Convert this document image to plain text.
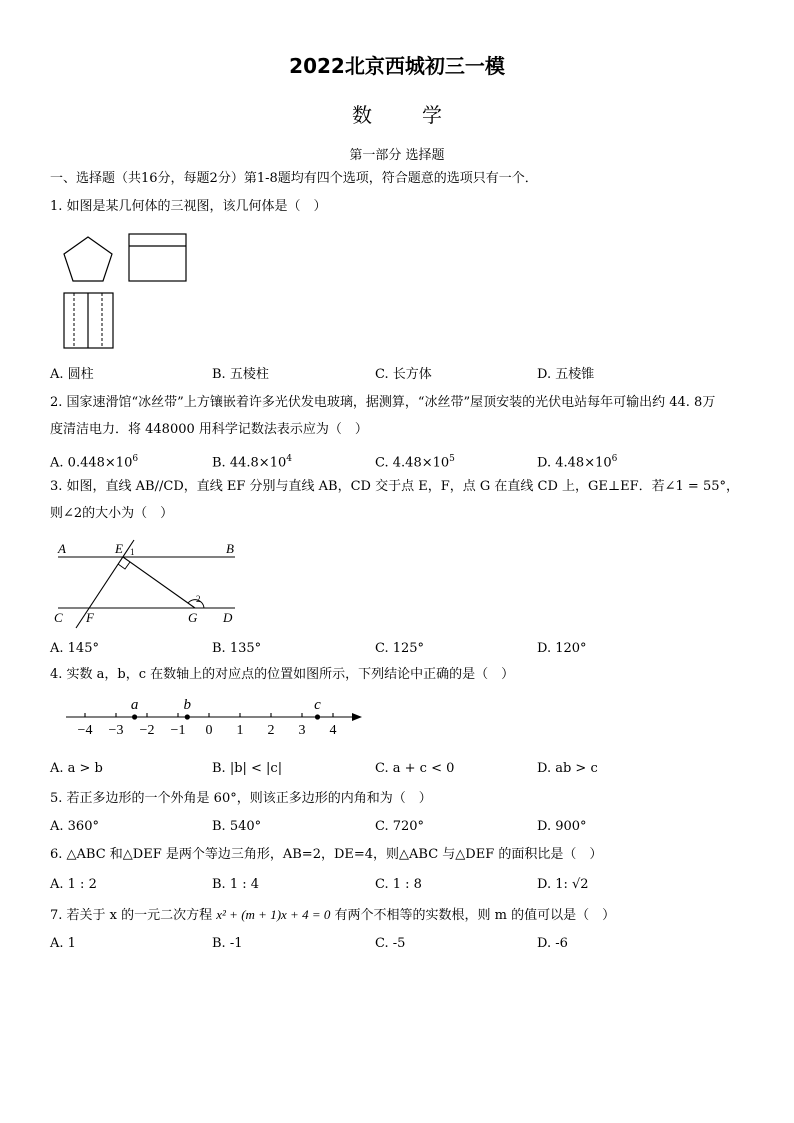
2022北京西城初三一模
数学
第一部分 选择题
一、选择题（共16分，每题2分）第1-8题均有四个选项，符合题意的选项只有一个．
1. 如图是某几何体的三视图，该几何体是（　）
A. 圆柱	B. 五棱柱	C. 长方体	D. 五棱锥
2. 国家速滑馆“冰丝带”上方镶嵌着许多光伏发电玻璃，据测算，“冰丝带”屋顶安装的光伏电站每年可输出约 44. 8万
度清洁电力．将 448000 用科学记数法表示应为（　）
A. $0.448\times 10^6$	B. $44.8\times 10^4$	C. $4.48\times 10^5$	D. $4.48\times 10^6$
3. 如图，直线 AB//CD，直线 EF 分别与直线 AB，CD 交于点 E，F，点 G 在直线 CD 上，GE⊥EF．若∠1 = 55°，
则∠2的大小为（　）
A	B
E 1
C F	G
2
D
A. 145°	B. 135°	C. 125°	D. 120°
4. 实数 a，b，c 在数轴上的对应点的位置如图所示，下列结论中正确的是（　）
−4 −3 −2 −1 0 1 2 3 4
a	b	c
A. a > b	B. |b| < |c|	C. a + c < 0	D. ab > c
5. 若正多边形的一个外角是 60°，则该正多边形的内角和为（　）
A. 360°	B. 540°	C. 720°	D. 900°
6. △ABC 和△DEF 是两个等边三角形，AB=2，DE=4，则△ABC 与△DEF 的面积比是（　）
A. 1 : 2	B. 1 : 4	C. 1 : 8	D. 1: √2
7. 若关于 x 的一元二次方程 x² + (m + 1)x + 4 = 0 有两个不相等的实数根，则 m 的值可以是（　）
A. 1	B. -1	C. -5	D. -6
